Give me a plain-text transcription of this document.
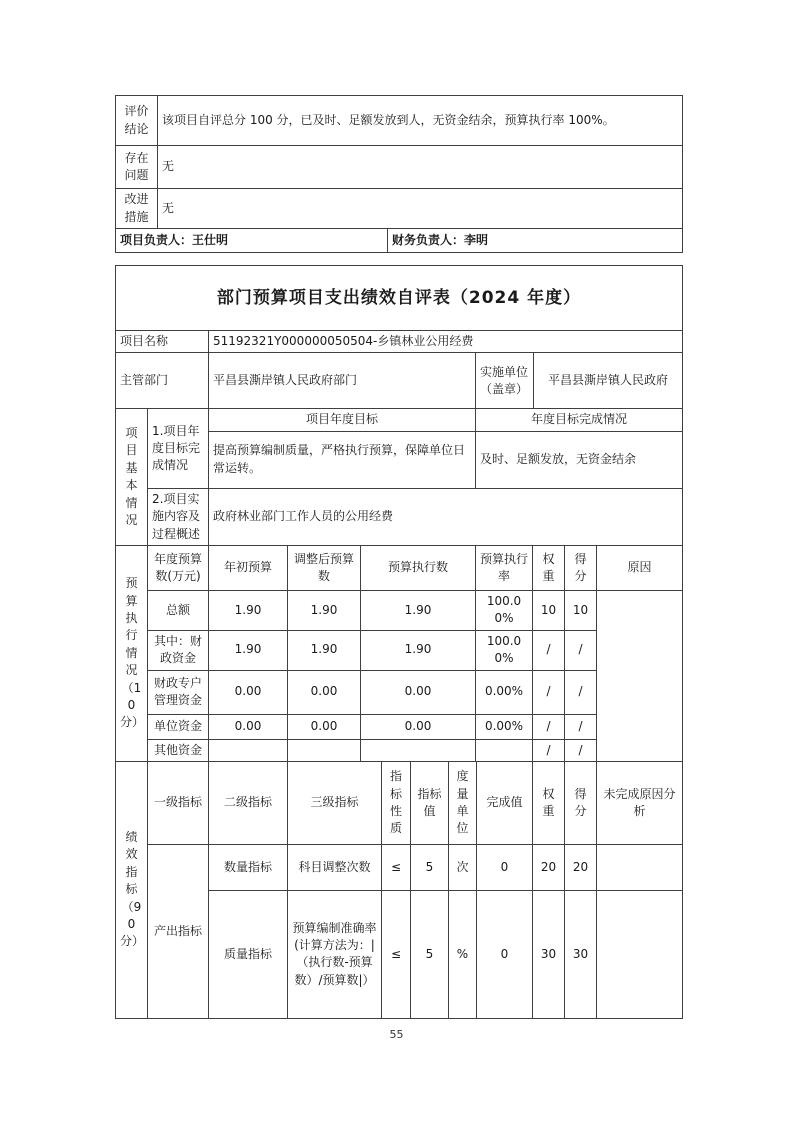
评价结论	该项目自评总分 100 分，已及时、足额发放到人，无资金结余，预算执行率 100%。	
存在问题	无	
改进措施	无	
项目负责人：王仕明		财务负责人：李明
部门预算项目支出绩效自评表（2024 年度）
项目名称	51192321Y000000050504-乡镇林业公用经费		
主管部门	平昌县澌岸镇人民政府部门	实施单位（盖章）	平昌县澌岸镇人民政府
项目基本情况	1.项目年度目标完成情况	项目年度目标	年度目标完成情况
		提高预算编制质量，严格执行预算，保障单位日常运转。	及时、足额发放，无资金结余
	2.项目实施内容及过程概述	政府林业部门工作人员的公用经费	
预算执行情况（10分）	年度预算数(万元)	年初预算	调整后预算数	预算执行数	预算执行率	权重	得分	原因
	总额	1.90	1.90	1.90	100.00%	10	10	
	其中：财政资金	1.90	1.90	1.90	100.00%	/	/	
	财政专户管理资金	0.00	0.00	0.00	0.00%	/	/	
	单位资金	0.00	0.00	0.00	0.00%	/	/	
	其他资金					/	/	
绩效指标（90分）	一级指标	二级指标	三级指标	指标性质	指标值	度量单位	完成值	权重	得分	未完成原因分析
	产出指标	数量指标	科目调整次数	≤	5	次	0	20	20	
		质量指标	预算编制准确率(计算方法为：|（执行数-预算数）/预算数|）	≤	5	%	0	30	30	
55
